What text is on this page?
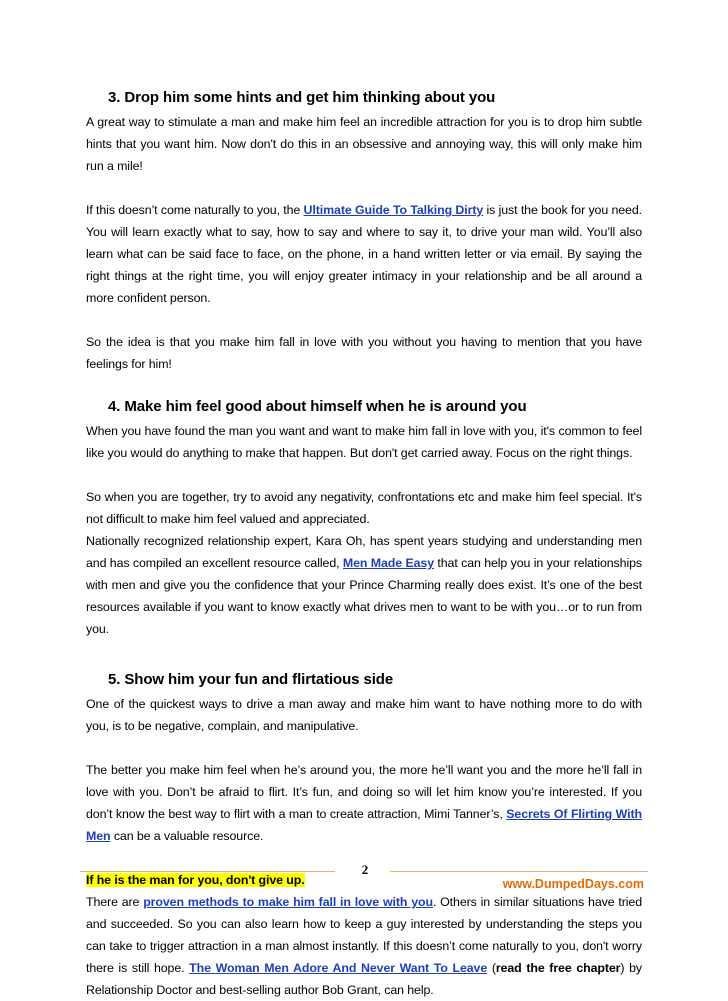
3. Drop him some hints and get him thinking about you

A great way to stimulate a man and make him feel an incredible attraction for you is to drop him subtle hints that you want him. Now don't do this in an obsessive and annoying way, this will only make him run a mile!

If this doesn’t come naturally to you, the Ultimate Guide To Talking Dirty is just the book for you need. You will learn exactly what to say, how to say and where to say it, to drive your man wild. You’ll also learn what can be said face to face, on the phone, in a hand written letter or via email. By saying the right things at the right time, you will enjoy greater intimacy in your relationship and be all around a more confident person.

So the idea is that you make him fall in love with you without you having to mention that you have feelings for him!

4. Make him feel good about himself when he is around you

When you have found the man you want and want to make him fall in love with you, it's common to feel like you would do anything to make that happen. But don't get carried away. Focus on the right things.

So when you are together, try to avoid any negativity, confrontations etc and make him feel special. It's not difficult to make him feel valued and appreciated.

Nationally recognized relationship expert, Kara Oh, has spent years studying and understanding men and has compiled an excellent resource called, Men Made Easy that can help you in your relationships with men and give you the confidence that your Prince Charming really does exist. It’s one of the best resources available if you want to know exactly what drives men to want to be with you…or to run from you.

5. Show him your fun and flirtatious side

One of the quickest ways to drive a man away and make him want to have nothing more to do with you, is to be negative, complain, and manipulative.

The better you make him feel when he’s around you, the more he’ll want you and the more he’ll fall in love with you. Don’t be afraid to flirt. It’s fun, and doing so will let him know you’re interested. If you don’t know the best way to flirt with a man to create attraction, Mimi Tanner’s, Secrets Of Flirting With Men can be a valuable resource.

If he is the man for you, don't give up.

There are proven methods to make him fall in love with you. Others in similar situations have tried and succeeded. So you can also learn how to keep a guy interested by understanding the steps you can take to trigger attraction in a man almost instantly. If this doesn’t come naturally to you, don't worry there is still hope. The Woman Men Adore And Never Want To Leave (read the free chapter) by Relationship Doctor and best-selling author Bob Grant, can help.

2
www.DumpedDays.com
